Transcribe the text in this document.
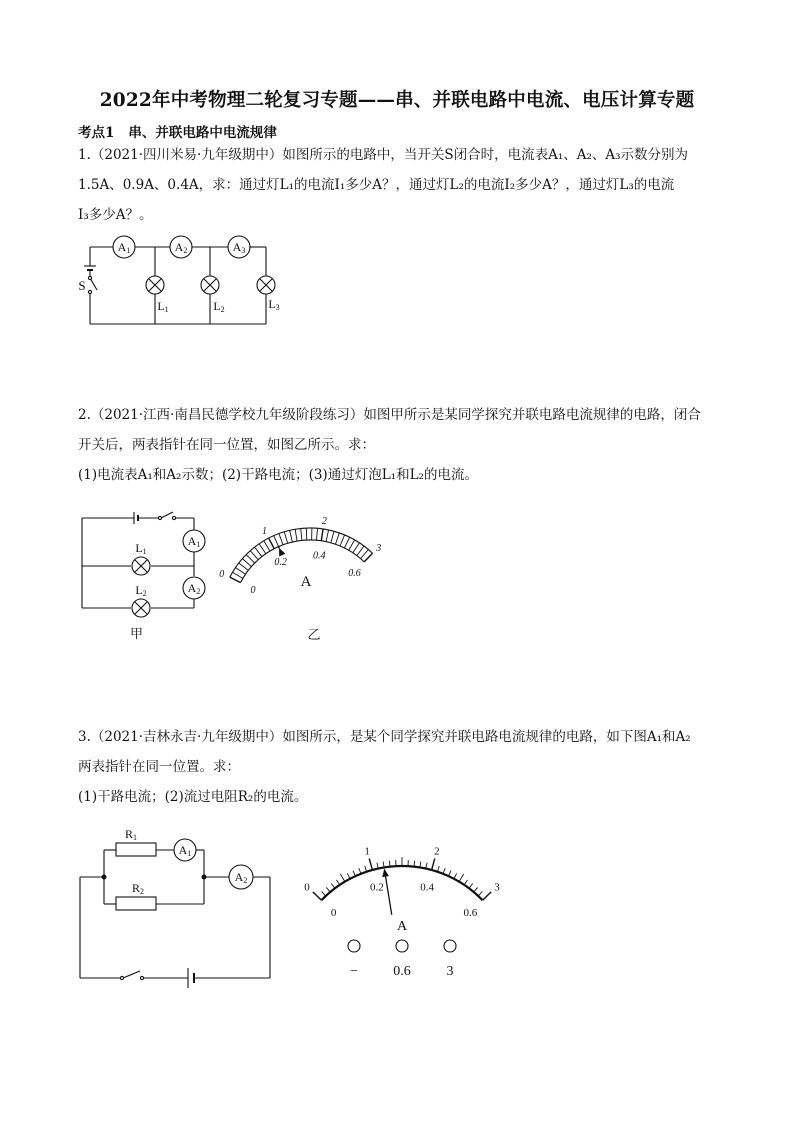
2022年中考物理二轮复习专题——串、并联电路中电流、电压计算专题
考点1 串、并联电路中电流规律
1.（2021·四川米易·九年级期中）如图所示的电路中，当开关S闭合时，电流表A₁、A₂、A₃示数分别为
1.5A、0.9A、0.4A，求：通过灯L₁的电流I₁多少A？，通过灯L₂的电流I₂多少A？，通过灯L₃的电流
I₃多少A？。
A1	A2	A3
S
L1	L2	L3
2.（2021·江西·南昌民德学校九年级阶段练习）如图甲所示是某同学探究并联电路电流规律的电路，闭合
开关后，两表指针在同一位置，如图乙所示。求：
(1)电流表A₁和A₂示数；(2)干路电流；(3)通过灯泡L₁和L₂的电流。
A1
A2
L1
L2
甲
0
1
2
3
0
0.2
0.4
0.6
A
乙
3.（2021·吉林永吉·九年级期中）如图所示，是某个同学探究并联电路电流规律的电路，如下图A₁和A₂
两表指针在同一位置。求：
(1)干路电流；(2)流过电阻R₂的电流。
R1
R2
A1
A2
0
1	2
3
0
0.2	0.4
0.6
A
−	0.6	3
